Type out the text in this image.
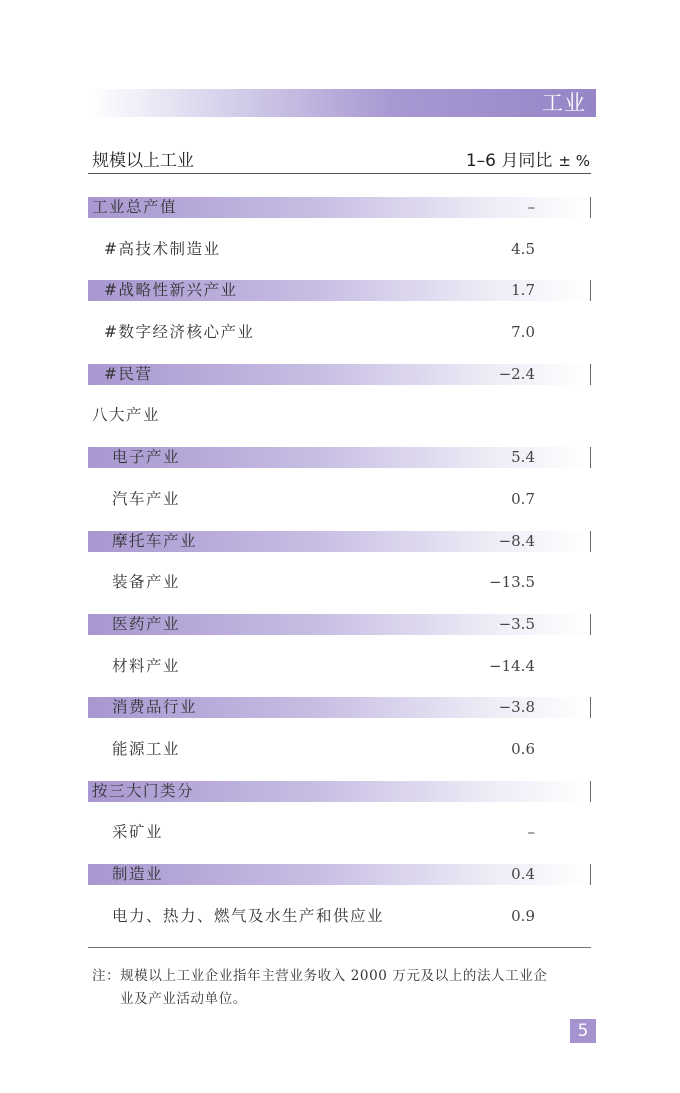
工业
规模以上工业	1–6 月同比 ± %
工业总产值	–
#高技术制造业	4.5
#战略性新兴产业	1.7
#数字经济核心产业	7.0
#民营	−2.4
八大产业
电子产业	5.4
汽车产业	0.7
摩托车产业	−8.4
装备产业	−13.5
医药产业	−3.5
材料产业	−14.4
消费品行业	−3.8
能源工业	0.6
按三大门类分
采矿业	–
制造业	0.4
电力、热力、燃气及水生产和供应业	0.9
注：规模以上工业企业指年主营业务收入 2000 万元及以上的法人工业企
业及产业活动单位。
5
